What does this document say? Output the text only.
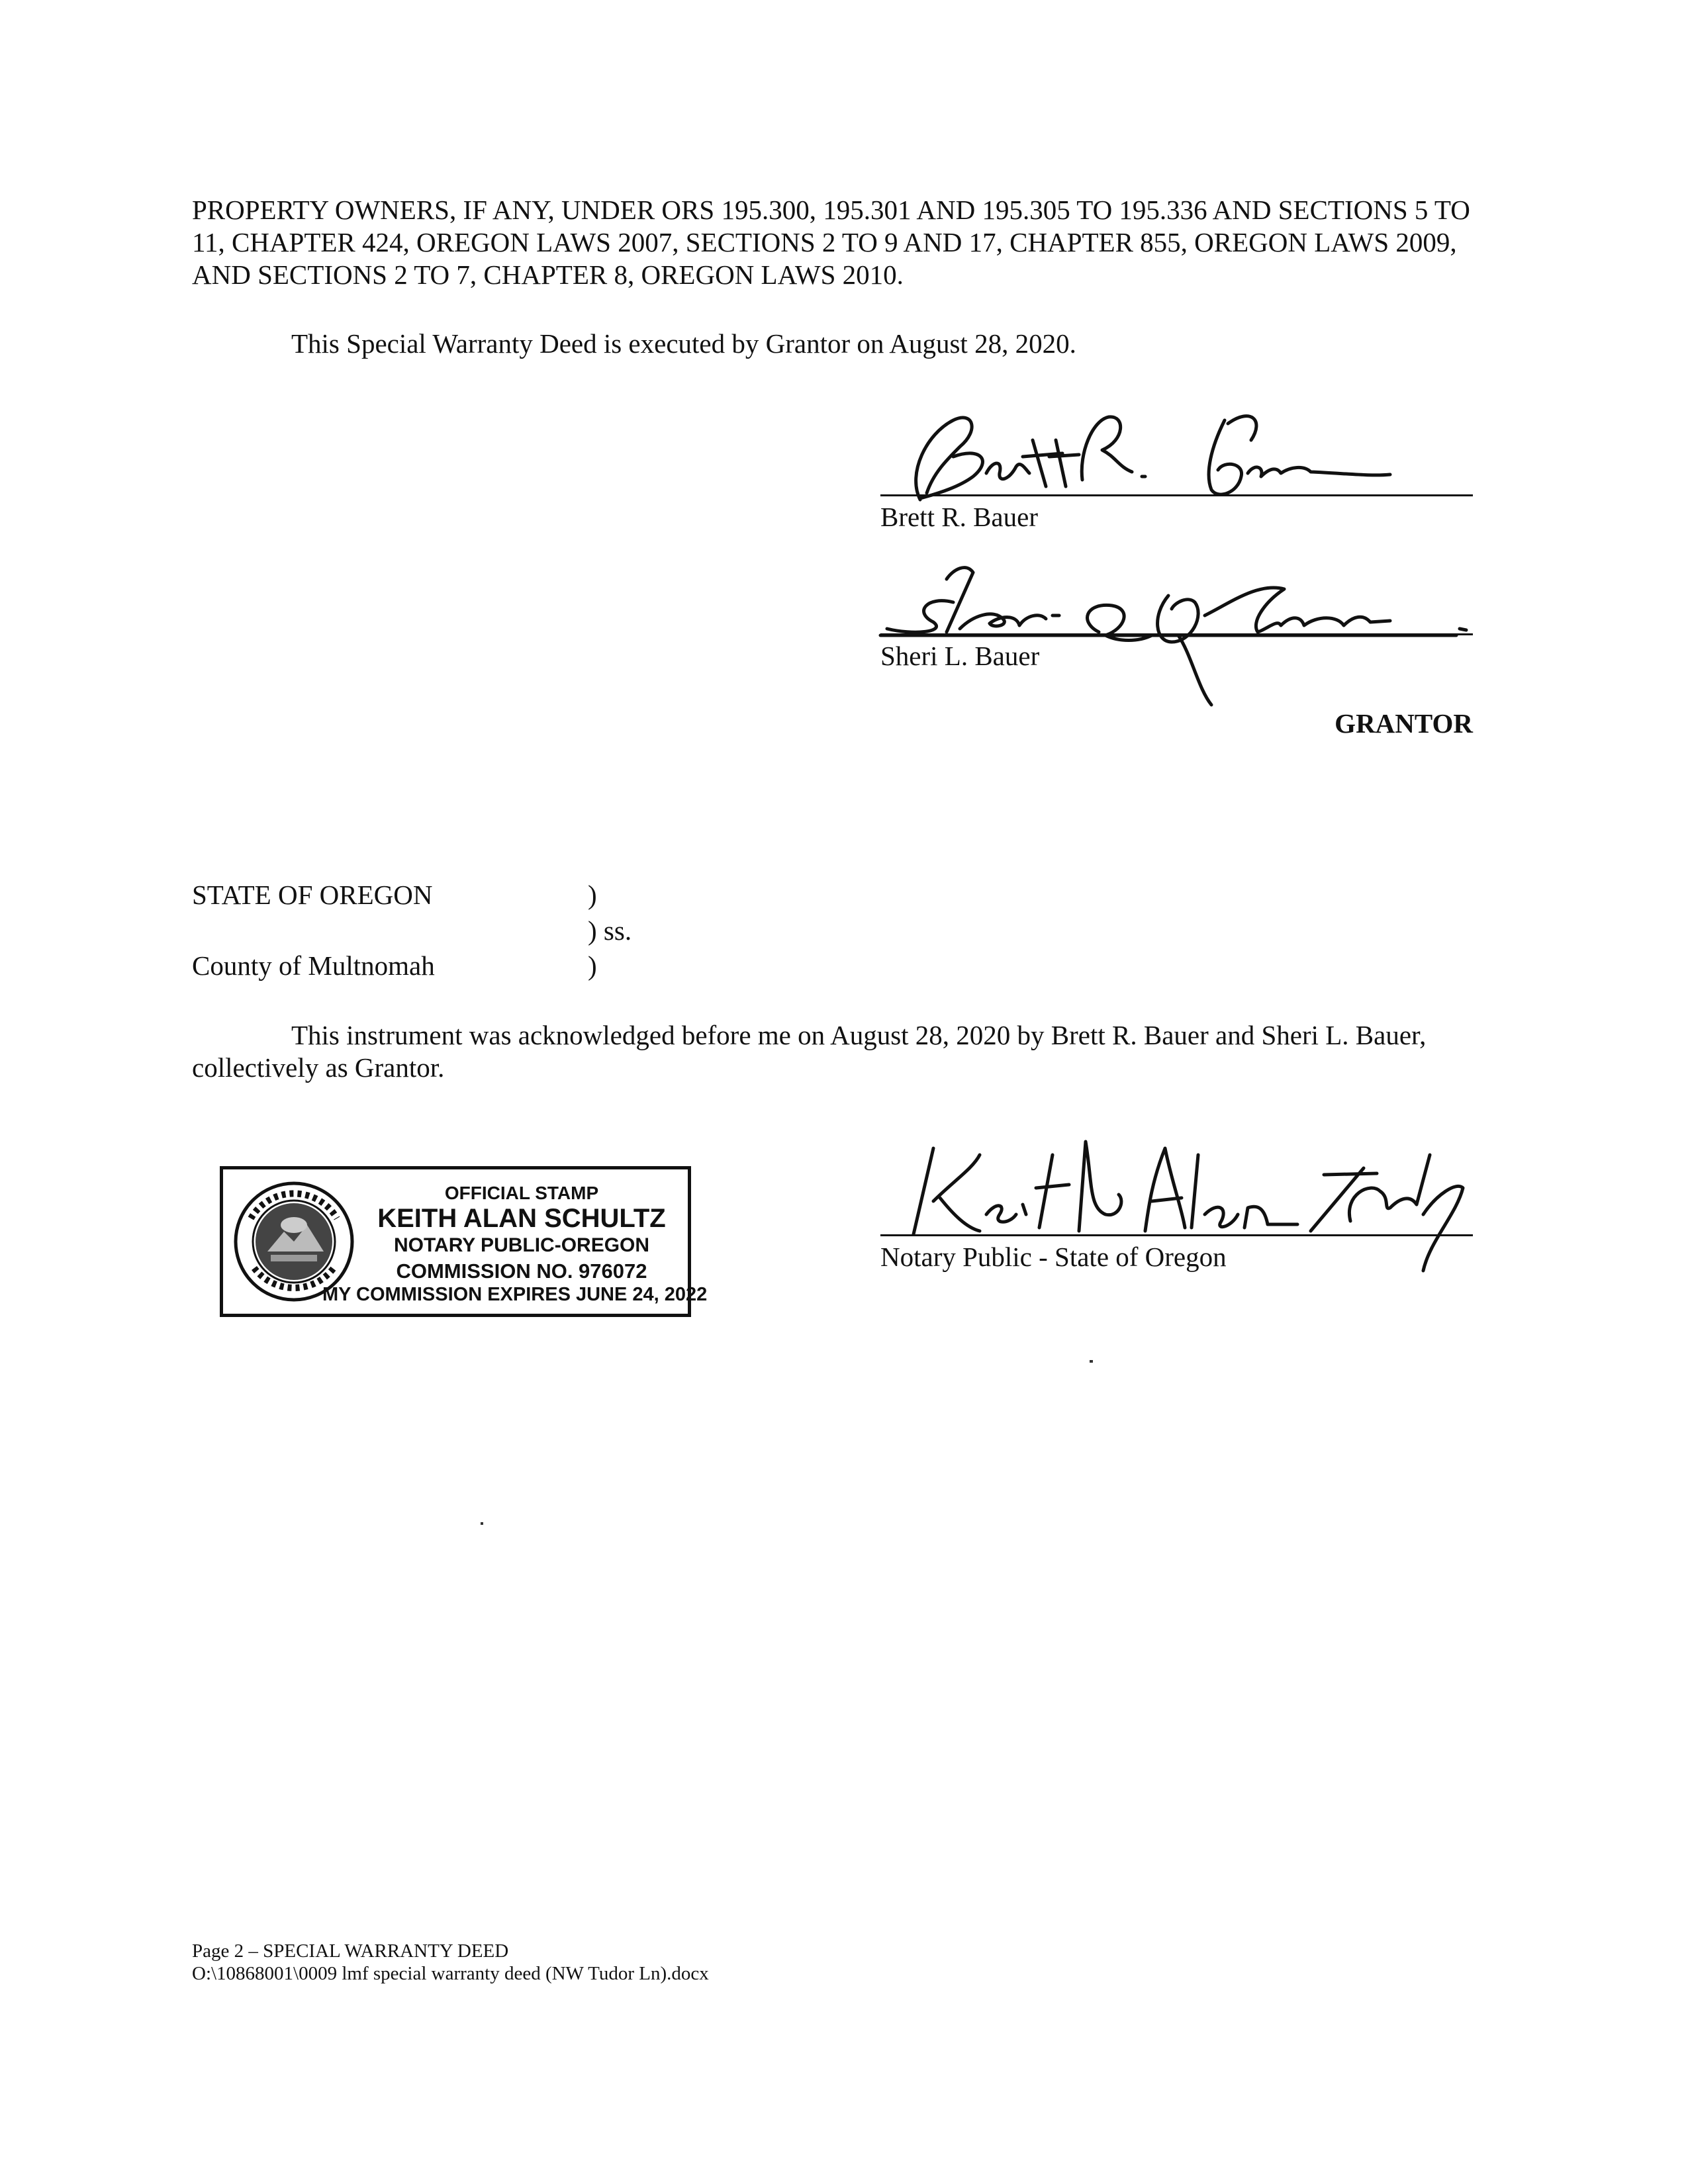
PROPERTY OWNERS, IF ANY, UNDER ORS 195.300, 195.301 AND 195.305 TO 195.336 AND SECTIONS 5 TO 11, CHAPTER 424, OREGON LAWS 2007, SECTIONS 2 TO 9 AND 17, CHAPTER 855, OREGON LAWS 2009, AND SECTIONS 2 TO 7, CHAPTER 8, OREGON LAWS 2010.
This Special Warranty Deed is executed by Grantor on August 28, 2020.
Brett R. Bauer
Sheri L. Bauer
GRANTOR
STATE OF OREGON	)
) ss.
County of Multnomah	)
This instrument was acknowledged before me on August 28, 2020 by Brett R. Bauer and Sheri L. Bauer, collectively as Grantor.
OFFICIAL STAMP
KEITH ALAN SCHULTZ
NOTARY PUBLIC-OREGON
COMMISSION NO. 976072
MY COMMISSION EXPIRES JUNE 24, 2022
Notary Public - State of Oregon
Page 2 – SPECIAL WARRANTY DEED
O:\10868001\0009 lmf special warranty deed (NW Tudor Ln).docx
